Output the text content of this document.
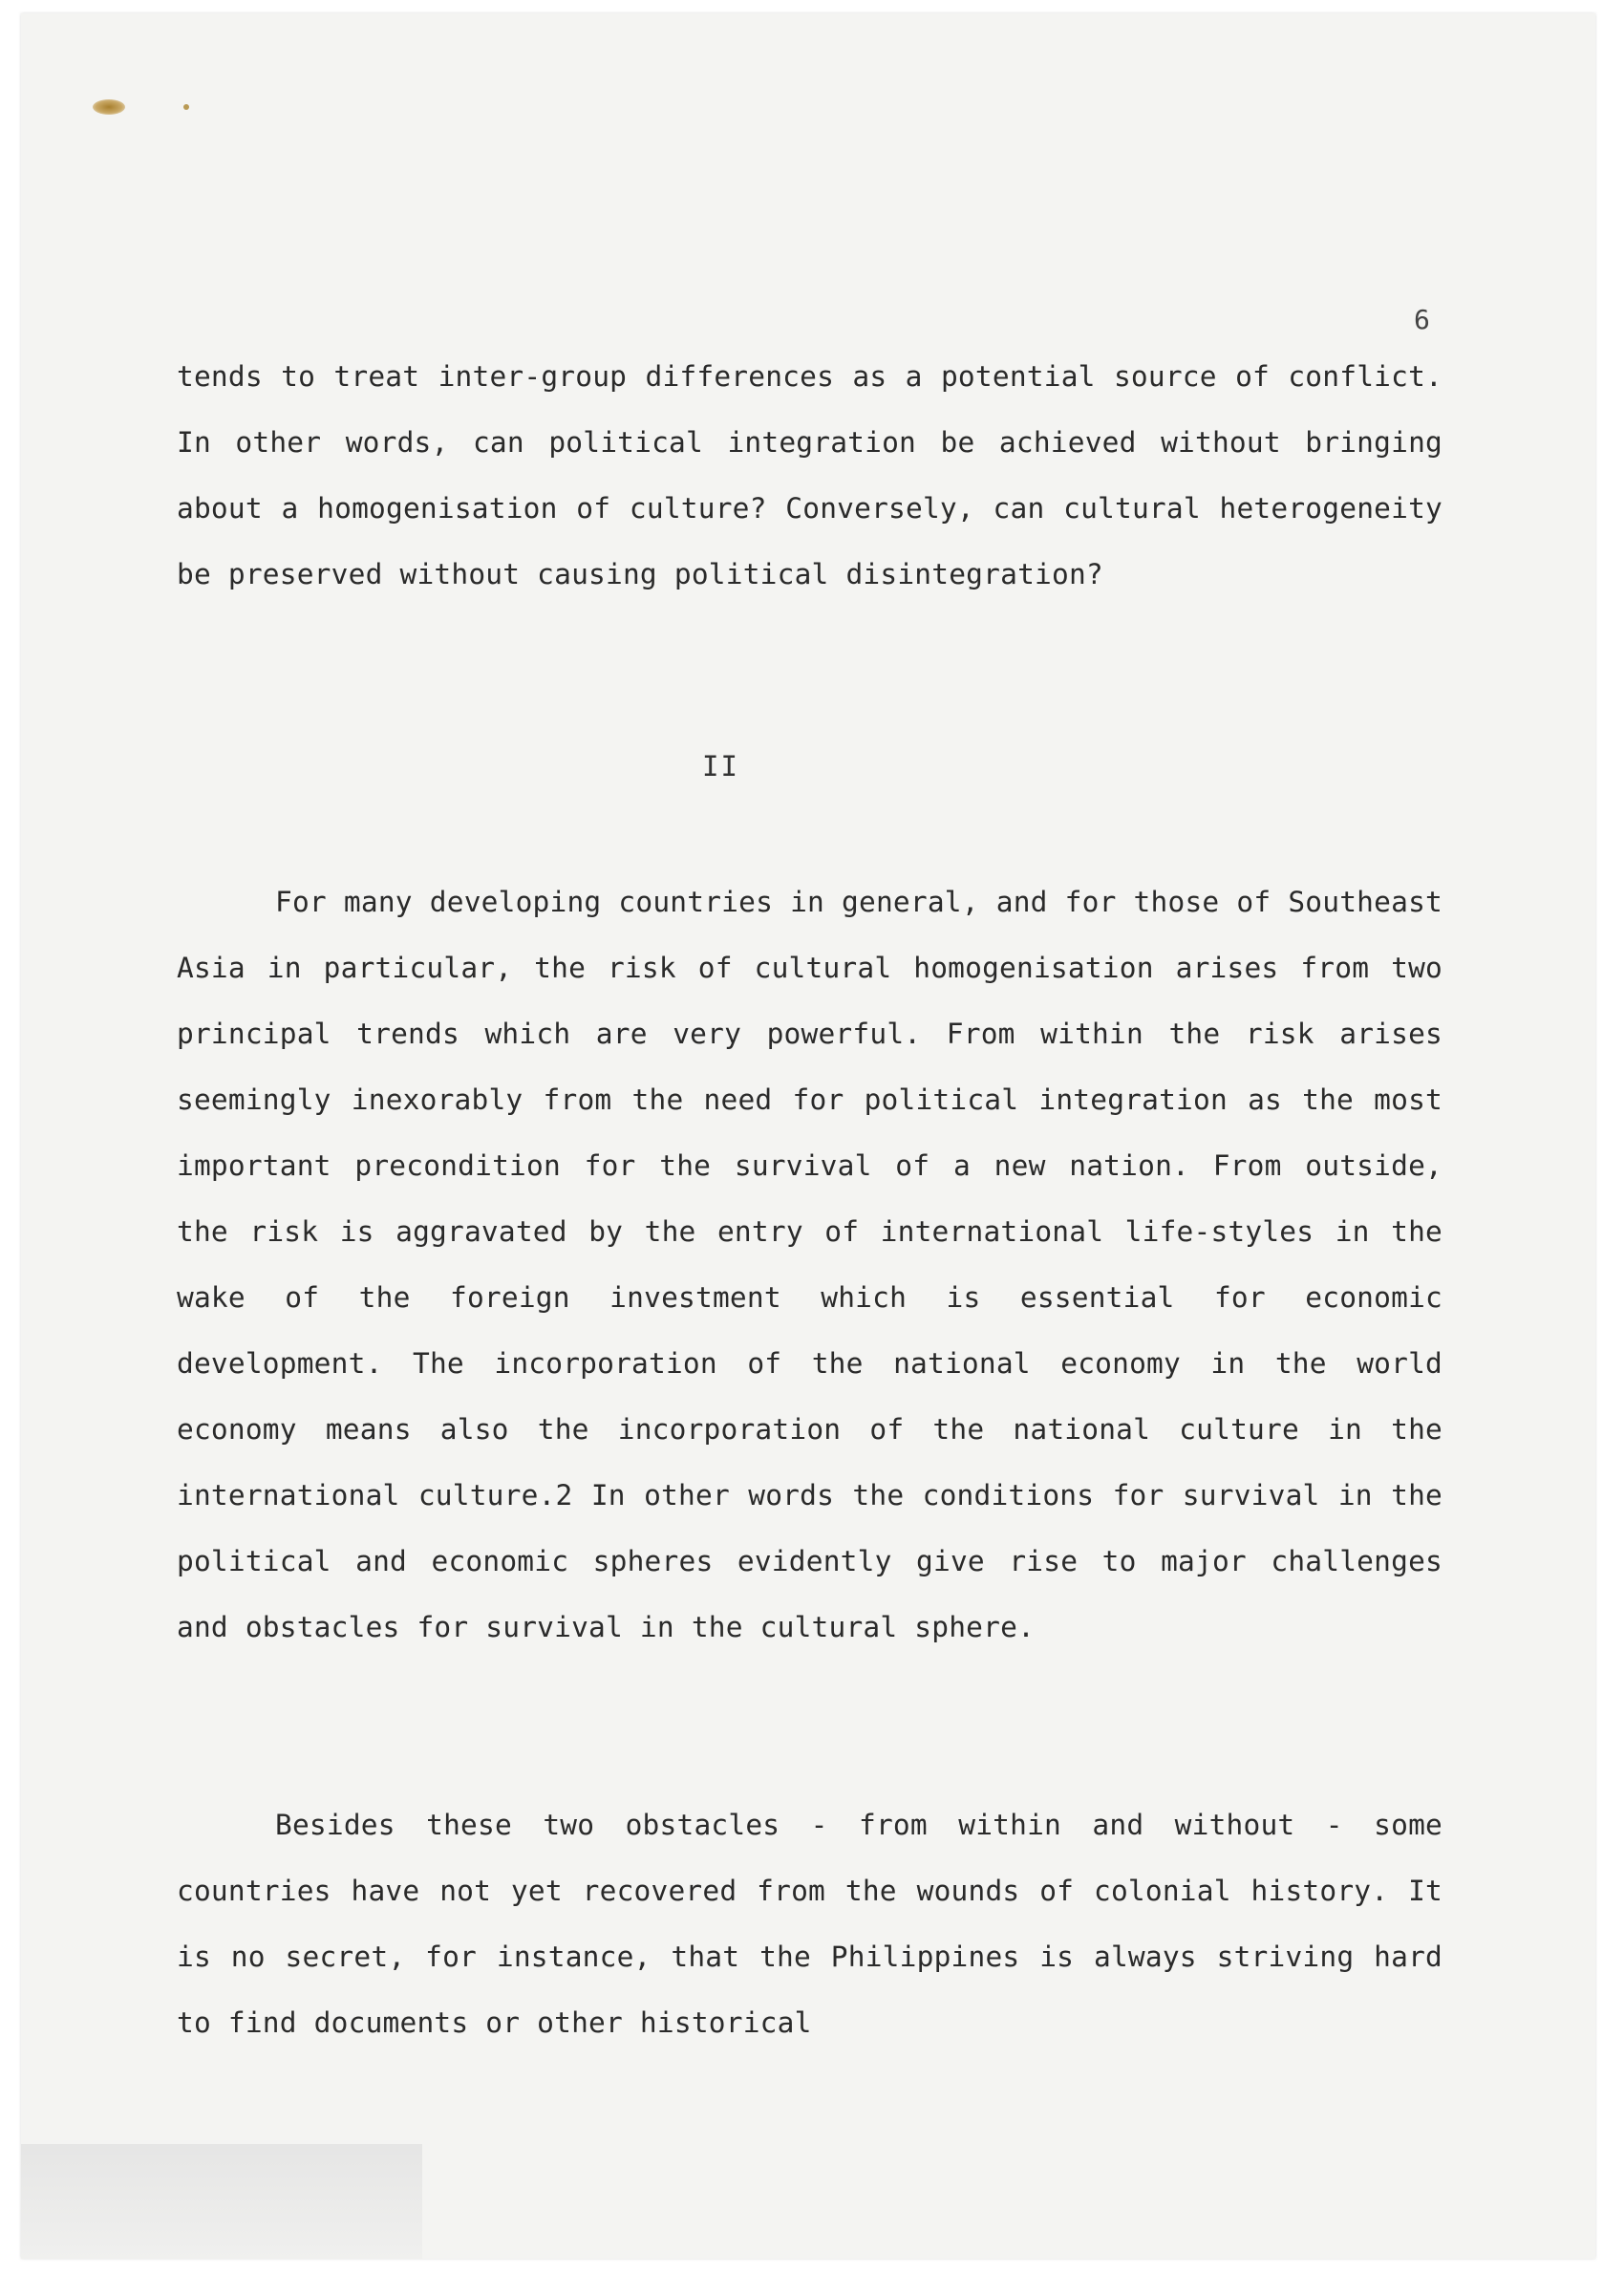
6

tends to treat inter-group differences as a potential source of conflict. In other words, can political integration be achieved without bringing about a homogenisation of culture? Conversely, can cultural heterogeneity be preserved without causing political disintegration?

II

For many developing countries in general, and for those of Southeast Asia in particular, the risk of cultural homogenisation arises from two principal trends which are very powerful. From within the risk arises seemingly inexorably from the need for political integration as the most important precondition for the survival of a new nation. From outside, the risk is aggravated by the entry of international life-styles in the wake of the foreign investment which is essential for economic development. The incorporation of the national economy in the world economy means also the incorporation of the national culture in the international culture.2 In other words the conditions for survival in the political and economic spheres evidently give rise to major challenges and obstacles for survival in the cultural sphere.

Besides these two obstacles - from within and without - some countries have not yet recovered from the wounds of colonial history. It is no secret, for instance, that the Philippines is always striving hard to find documents or other historical
